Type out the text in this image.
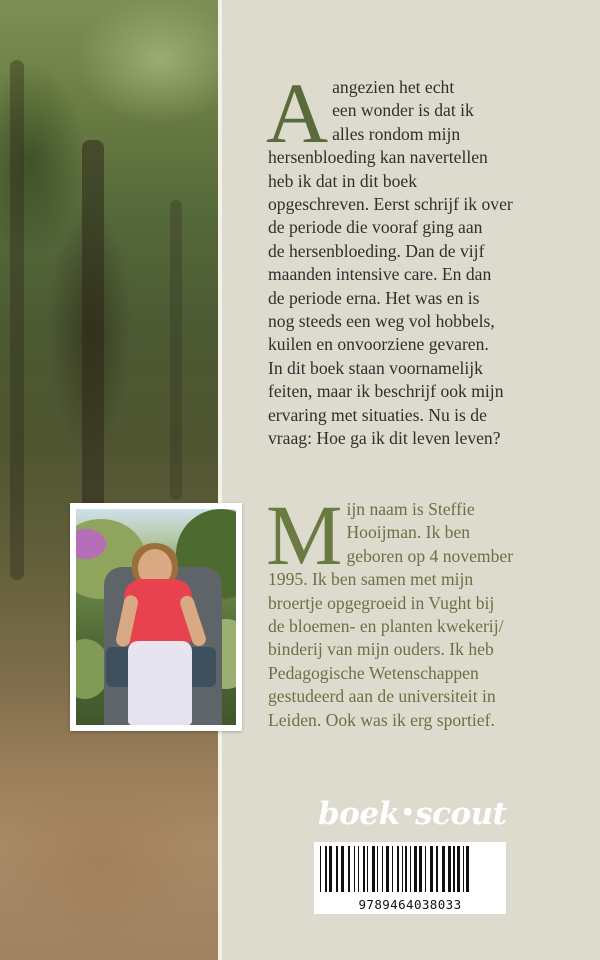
A angezien het echt
een wonder is dat ik
alles rondom mijn
hersenbloeding kan navertellen
heb ik dat in dit boek
opgeschreven. Eerst schrijf ik over
de periode die vooraf ging aan
de hersenbloeding. Dan de vijf
maanden intensive care. En dan
de periode erna. Het was en is
nog steeds een weg vol hobbels,
kuilen en onvoorziene gevaren.
In dit boek staan voornamelijk
feiten, maar ik beschrijf ook mijn
ervaring met situaties. Nu is de
vraag: Hoe ga ik dit leven leven?
M ijn naam is Steffie
Hooijman. Ik ben
geboren op 4 november
1995. Ik ben samen met mijn
broertje opgegroeid in Vught bij
de bloemen- en planten kwekerij/
binderij van mijn ouders. Ik heb
Pedagogische Wetenschappen
gestudeerd aan de universiteit in
Leiden. Ook was ik erg sportief.
boek•scout
9789464038033
